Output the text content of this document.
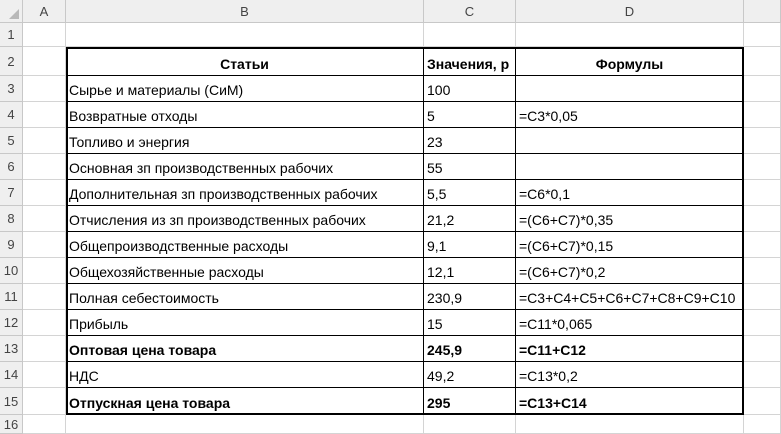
A	B	C	D
1
2	Статьи	Значения, р	Формулы
3	Сырье и материалы (СиМ)	100
4	Возвратные отходы	5	=C3*0,05
5	Топливо и энергия	23
6	Основная зп производственных рабочих	55
7	Дополнительная зп производственных рабочих	5,5	=C6*0,1
8	Отчисления из зп производственных рабочих	21,2	=(C6+C7)*0,35
9	Общепроизводственные расходы	9,1	=(C6+C7)*0,15
10	Общехозяйственные расходы	12,1	=(C6+C7)*0,2
11	Полная себестоимость	230,9	=C3+C4+C5+C6+C7+C8+C9+C10
12	Прибыль	15	=C11*0,065
13	Оптовая цена товара	245,9	=C11+C12
14	НДС	49,2	=C13*0,2
15	Отпускная цена товара	295	=C13+C14
16
